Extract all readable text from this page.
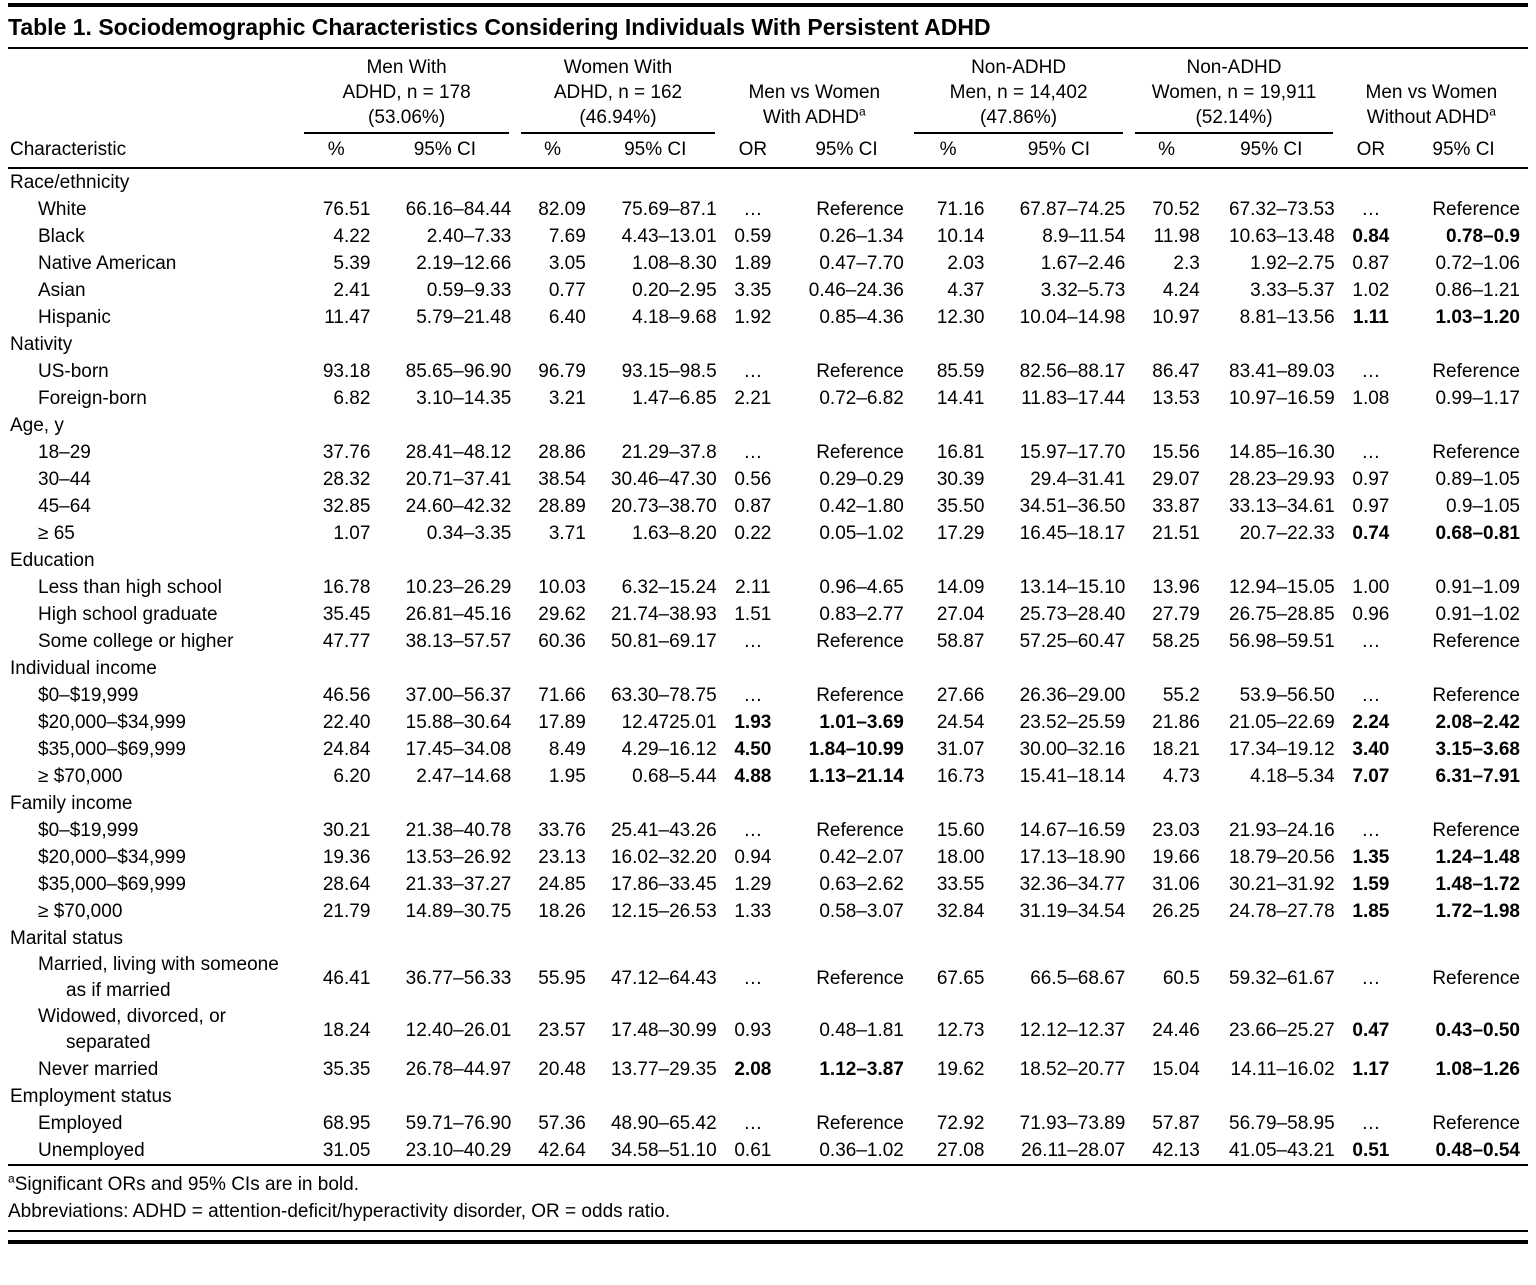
Table 1. Sociodemographic Characteristics Considering Individuals With Persistent ADHD

Men With
ADHD, n = 178
(53.06%)

Women With
ADHD, n = 162
(46.94%)

Men vs Women
With ADHD$^a$

Non-ADHD
Men, n = 14,402
(47.86%)

Non-ADHD
Women, n = 19,911
(52.14%)

Men vs Women
Without ADHD$^a$

Characteristic	%	95% CI	%	95% CI	OR	95% CI	%	95% CI	%	95% CI	OR	95% CI
Race/ethnicity												
White	76.51	66.16–84.44	82.09	75.69–87.1	…	Reference	71.16	67.87–74.25	70.52	67.32–73.53	…	Reference
Black	4.22	2.40–7.33	7.69	4.43–13.01	0.59	0.26–1.34	10.14	8.9–11.54	11.98	10.63–13.48	0.84	0.78–0.9
Native American	5.39	2.19–12.66	3.05	1.08–8.30	1.89	0.47–7.70	2.03	1.67–2.46	2.3	1.92–2.75	0.87	0.72–1.06
Asian	2.41	0.59–9.33	0.77	0.20–2.95	3.35	0.46–24.36	4.37	3.32–5.73	4.24	3.33–5.37	1.02	0.86–1.21
Hispanic	11.47	5.79–21.48	6.40	4.18–9.68	1.92	0.85–4.36	12.30	10.04–14.98	10.97	8.81–13.56	1.11	1.03–1.20
Nativity												
US-born	93.18	85.65–96.90	96.79	93.15–98.5	…	Reference	85.59	82.56–88.17	86.47	83.41–89.03	…	Reference
Foreign-born	6.82	3.10–14.35	3.21	1.47–6.85	2.21	0.72–6.82	14.41	11.83–17.44	13.53	10.97–16.59	1.08	0.99–1.17
Age, y												
18–29	37.76	28.41–48.12	28.86	21.29–37.8	…	Reference	16.81	15.97–17.70	15.56	14.85–16.30	…	Reference
30–44	28.32	20.71–37.41	38.54	30.46–47.30	0.56	0.29–0.29	30.39	29.4–31.41	29.07	28.23–29.93	0.97	0.89–1.05
45–64	32.85	24.60–42.32	28.89	20.73–38.70	0.87	0.42–1.80	35.50	34.51–36.50	33.87	33.13–34.61	0.97	0.9–1.05
≥ 65	1.07	0.34–3.35	3.71	1.63–8.20	0.22	0.05–1.02	17.29	16.45–18.17	21.51	20.7–22.33	0.74	0.68–0.81
Education												
Less than high school	16.78	10.23–26.29	10.03	6.32–15.24	2.11	0.96–4.65	14.09	13.14–15.10	13.96	12.94–15.05	1.00	0.91–1.09
High school graduate	35.45	26.81–45.16	29.62	21.74–38.93	1.51	0.83–2.77	27.04	25.73–28.40	27.79	26.75–28.85	0.96	0.91–1.02
Some college or higher	47.77	38.13–57.57	60.36	50.81–69.17	…	Reference	58.87	57.25–60.47	58.25	56.98–59.51	…	Reference
Individual income												
$0–$19,999	46.56	37.00–56.37	71.66	63.30–78.75	…	Reference	27.66	26.36–29.00	55.2	53.9–56.50	…	Reference
$20,000–$34,999	22.40	15.88–30.64	17.89	12.4725.01	1.93	1.01–3.69	24.54	23.52–25.59	21.86	21.05–22.69	2.24	2.08–2.42
$35,000–$69,999	24.84	17.45–34.08	8.49	4.29–16.12	4.50	1.84–10.99	31.07	30.00–32.16	18.21	17.34–19.12	3.40	3.15–3.68
≥ $70,000	6.20	2.47–14.68	1.95	0.68–5.44	4.88	1.13–21.14	16.73	15.41–18.14	4.73	4.18–5.34	7.07	6.31–7.91
Family income												
$0–$19,999	30.21	21.38–40.78	33.76	25.41–43.26	…	Reference	15.60	14.67–16.59	23.03	21.93–24.16	…	Reference
$20,000–$34,999	19.36	13.53–26.92	23.13	16.02–32.20	0.94	0.42–2.07	18.00	17.13–18.90	19.66	18.79–20.56	1.35	1.24–1.48
$35,000–$69,999	28.64	21.33–37.27	24.85	17.86–33.45	1.29	0.63–2.62	33.55	32.36–34.77	31.06	30.21–31.92	1.59	1.48–1.72
≥ $70,000	21.79	14.89–30.75	18.26	12.15–26.53	1.33	0.58–3.07	32.84	31.19–34.54	26.25	24.78–27.78	1.85	1.72–1.98
Marital status												
Married, living with someone as if married	46.41	36.77–56.33	55.95	47.12–64.43	…	Reference	67.65	66.5–68.67	60.5	59.32–61.67	…	Reference
Widowed, divorced, or separated	18.24	12.40–26.01	23.57	17.48–30.99	0.93	0.48–1.81	12.73	12.12–12.37	24.46	23.66–25.27	0.47	0.43–0.50
Never married	35.35	26.78–44.97	20.48	13.77–29.35	2.08	1.12–3.87	19.62	18.52–20.77	15.04	14.11–16.02	1.17	1.08–1.26
Employment status												
Employed	68.95	59.71–76.90	57.36	48.90–65.42	…	Reference	72.92	71.93–73.89	57.87	56.79–58.95	…	Reference
Unemployed	31.05	23.10–40.29	42.64	34.58–51.10	0.61	0.36–1.02	27.08	26.11–28.07	42.13	41.05–43.21	0.51	0.48–0.54
$^a$Significant ORs and 95% CIs are in bold.
Abbreviations: ADHD = attention-deficit/hyperactivity disorder, OR = odds ratio.
